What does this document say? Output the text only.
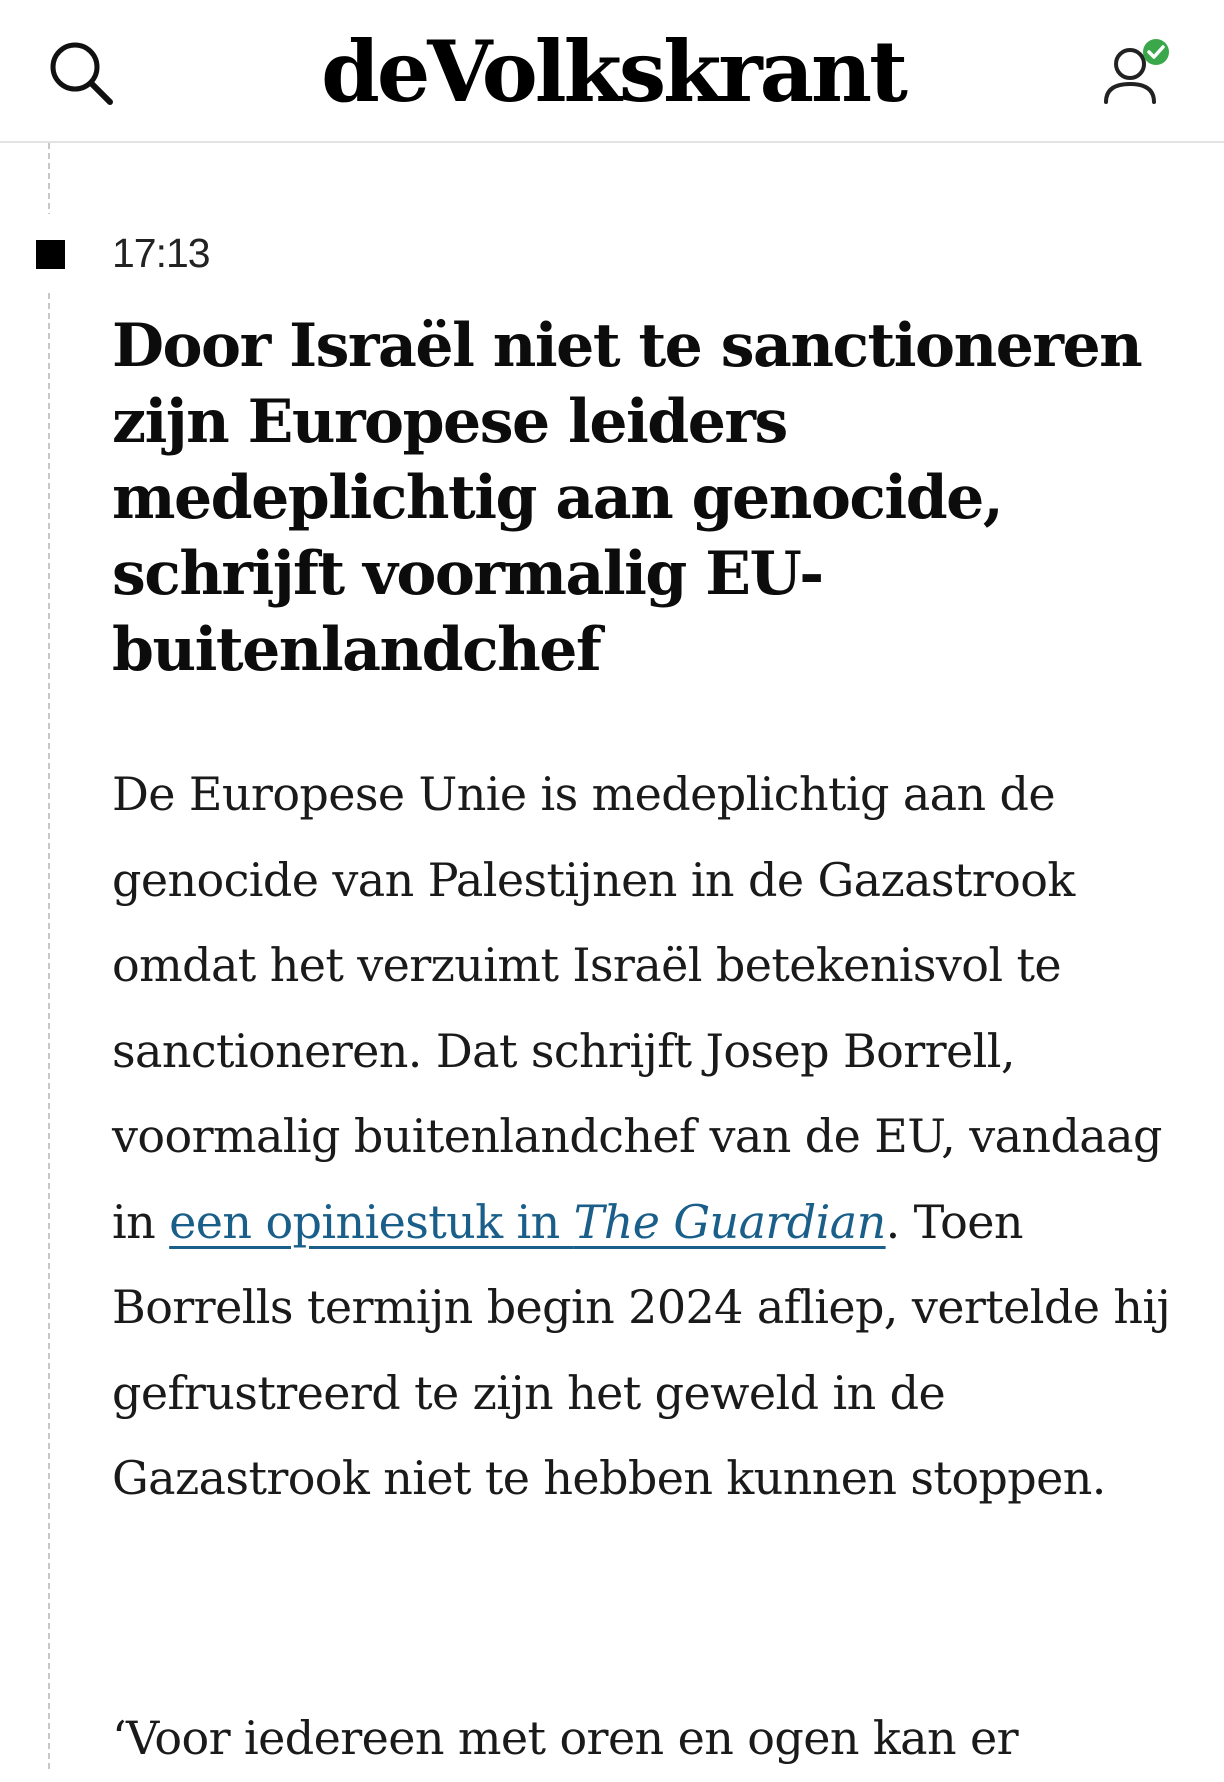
deVolkskrant
17:13
Door Israël niet te sanctioneren zijn Europese leiders medeplichtig aan genocide, schrijft voormalig EU-buitenlandchef

De Europese Unie is medeplichtig aan de genocide van Palestijnen in de Gazastrook omdat het verzuimt Israël betekenisvol te sanctioneren. Dat schrijft Josep Borrell, voormalig buitenlandchef van de EU, vandaag in een opiniestuk in The Guardian. Toen Borrells termijn begin 2024 afliep, vertelde hij gefrustreerd te zijn het geweld in de Gazastrook niet te hebben kunnen stoppen.

‘Voor iedereen met oren en ogen kan er
